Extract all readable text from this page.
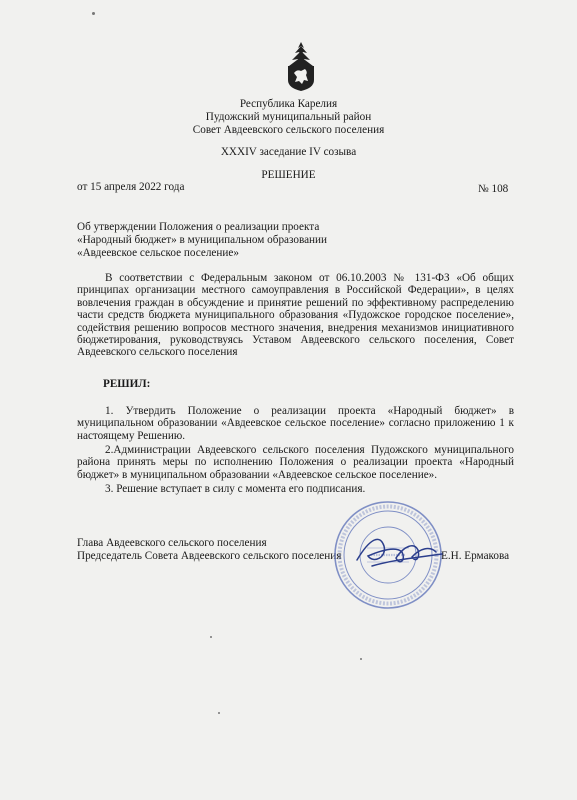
Республика Карелия
Пудожский муниципальный район
Совет Авдеевского сельского поселения
XXXIV заседание IV созыва
РЕШЕНИЕ
от 15 апреля 2022 года	№ 108
Об утверждении Положения о реализации проекта
«Народный бюджет» в муниципальном образовании
«Авдеевское сельское поселение»
В соответствии с Федеральным законом от 06.10.2003 № 131-ФЗ «Об общих принципах организации местного самоуправления в Российской Федерации», в целях вовлечения граждан в обсуждение и принятие решений по эффективному распределению части средств бюджета муниципального образования «Пудожское городское поселение», содействия решению вопросов местного значения, внедрения механизмов инициативного бюджетирования, руководствуясь Уставом Авдеевского сельского поселения, Совет Авдеевского сельского поселения
РЕШИЛ:
1. Утвердить Положение о реализации проекта «Народный бюджет» в муниципальном образовании «Авдеевское сельское поселение» согласно приложению 1 к настоящему Решению.
2.Администрации Авдеевского сельского поселения Пудожского муниципального района принять меры по исполнению Положения о реализации проекта «Народный бюджет» в муниципальном образовании «Авдеевское сельское поселение».
3. Решение вступает в силу с момента его подписания.
Глава Авдеевского сельского поселения
Председатель Совета Авдеевского сельского поселения	Е.Н. Ермакова
